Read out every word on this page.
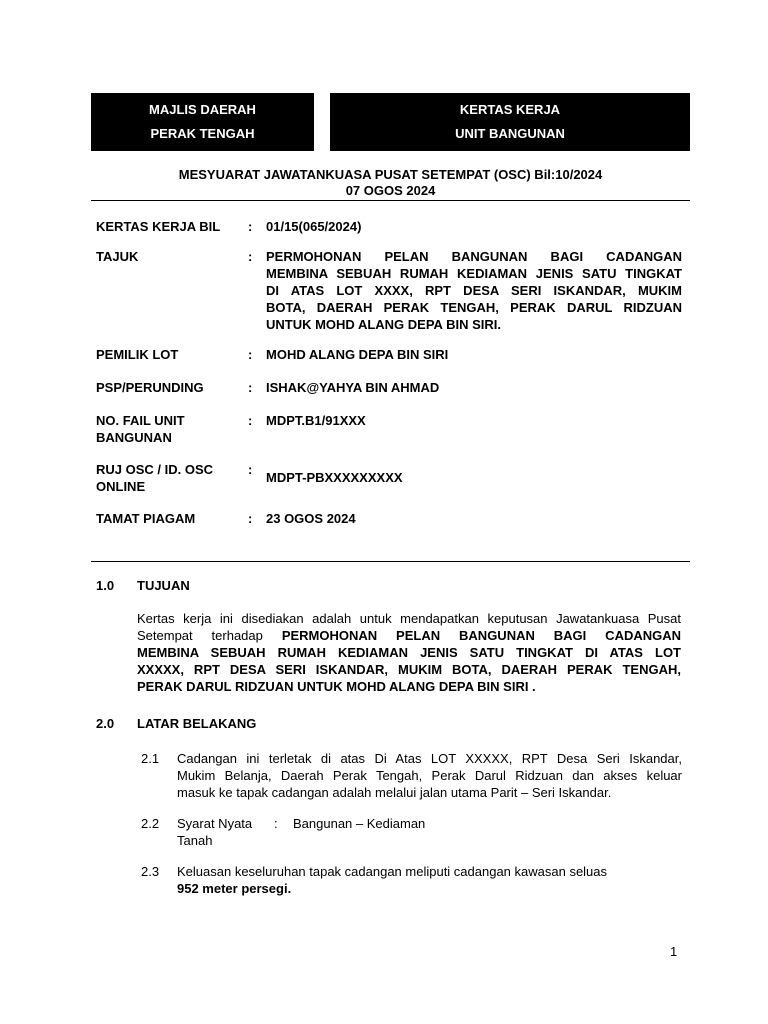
MAJLIS DAERAH
PERAK TENGAH
KERTAS KERJA
UNIT BANGUNAN
MESYUARAT JAWATANKUASA PUSAT SETEMPAT (OSC) Bil:10/2024
07 OGOS 2024
KERTAS KERJA BIL	: 01/15(065/2024)
TAJUK	: PERMOHONAN PELAN BANGUNAN BAGI CADANGAN
MEMBINA SEBUAH RUMAH KEDIAMAN JENIS SATU TINGKAT
DI ATAS LOT XXXX, RPT DESA SERI ISKANDAR, MUKIM
BOTA, DAERAH PERAK TENGAH, PERAK DARUL RIDZUAN
UNTUK MOHD ALANG DEPA BIN SIRI.
PEMILIK LOT	: MOHD ALANG DEPA BIN SIRI
PSP/PERUNDING	: ISHAK@YAHYA BIN AHMAD
NO. FAIL UNIT
BANGUNAN
: MDPT.B1/91XXX
RUJ OSC / ID. OSC
ONLINE
:
MDPT-PBXXXXXXXXX
TAMAT PIAGAM	: 23 OGOS 2024
1.0 TUJUAN
Kertas kerja ini disediakan adalah untuk mendapatkan keputusan Jawatankuasa Pusat
Setempat terhadap PERMOHONAN PELAN BANGUNAN BAGI CADANGAN
MEMBINA SEBUAH RUMAH KEDIAMAN JENIS SATU TINGKAT DI ATAS LOT
XXXXX, RPT DESA SERI ISKANDAR, MUKIM BOTA, DAERAH PERAK TENGAH,
PERAK DARUL RIDZUAN UNTUK MOHD ALANG DEPA BIN SIRI .
2.0 LATAR BELAKANG
2.1 Cadangan ini terletak di atas Di Atas LOT XXXXX, RPT Desa Seri Iskandar,
Mukim Belanja, Daerah Perak Tengah, Perak Darul Ridzuan dan akses keluar
masuk ke tapak cadangan adalah melalui jalan utama Parit – Seri Iskandar.
2.2 Syarat Nyata
Tanah
: Bangunan – Kediaman
2.3 Keluasan keseluruhan tapak cadangan meliputi cadangan kawasan seluas
952 meter persegi.
1
